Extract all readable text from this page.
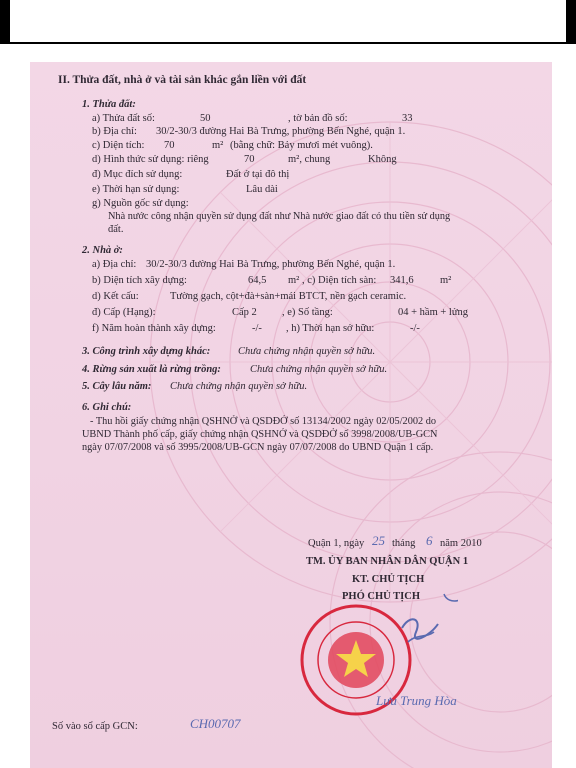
II. Thửa đất, nhà ở và tài sản khác gắn liền với đất
1. Thửa đất:
a) Thửa đất số:	50	, tờ bản đồ số:	33
b) Địa chỉ: 30/2-30/3 đường Hai Bà Trưng, phường Bến Nghé, quận 1.
c) Diện tích: 70	m² (bằng chữ: Bảy mươi mét vuông).
d) Hình thức sử dụng: riêng	70	m², chung	Không
đ) Mục đích sử dụng:	Đất ở tại đô thị
e) Thời hạn sử dụng:	Lâu dài
g) Nguồn gốc sử dụng:
Nhà nước công nhận quyền sử dụng đất như Nhà nước giao đất có thu tiền sử dụng
đất.
2. Nhà ở:
a) Địa chỉ: 30/2-30/3 đường Hai Bà Trưng, phường Bến Nghé, quận 1.
b) Diện tích xây dựng:	64,5 m² , c) Diện tích sàn: 341,6	m²
d) Kết cấu:	Tường gạch, cột+đà+sàn+mái BTCT, nền gạch ceramic.
đ) Cấp (Hạng):	Cấp 2 , e) Số tầng:	04 + hầm + lửng
f) Năm hoàn thành xây dựng:	-/- , h) Thời hạn sở hữu:	-/-
3. Công trình xây dựng khác:	Chưa chứng nhận quyền sở hữu.
4. Rừng sản xuất là rừng trồng:	Chưa chứng nhận quyền sở hữu.
5. Cây lâu năm: Chưa chứng nhận quyền sở hữu.
6. Ghi chú:
- Thu hồi giấy chứng nhận QSHNỞ và QSDĐỞ số 13134/2002 ngày 02/05/2002 do
UBND Thành phố cấp, giấy chứng nhận QSHNỞ và QSDĐỞ số 3998/2008/UB-GCN
ngày 07/07/2008 và số 3995/2008/UB-GCN ngày 07/07/2008 do UBND Quận 1 cấp.
Quận 1, ngày 25 tháng 6 năm 2010
TM. ỦY BAN NHÂN DÂN QUẬN 1
KT. CHỦ TỊCH
PHÓ CHỦ TỊCH
Lưu Trung Hòa
Số vào sổ cấp GCN:	CH00707
